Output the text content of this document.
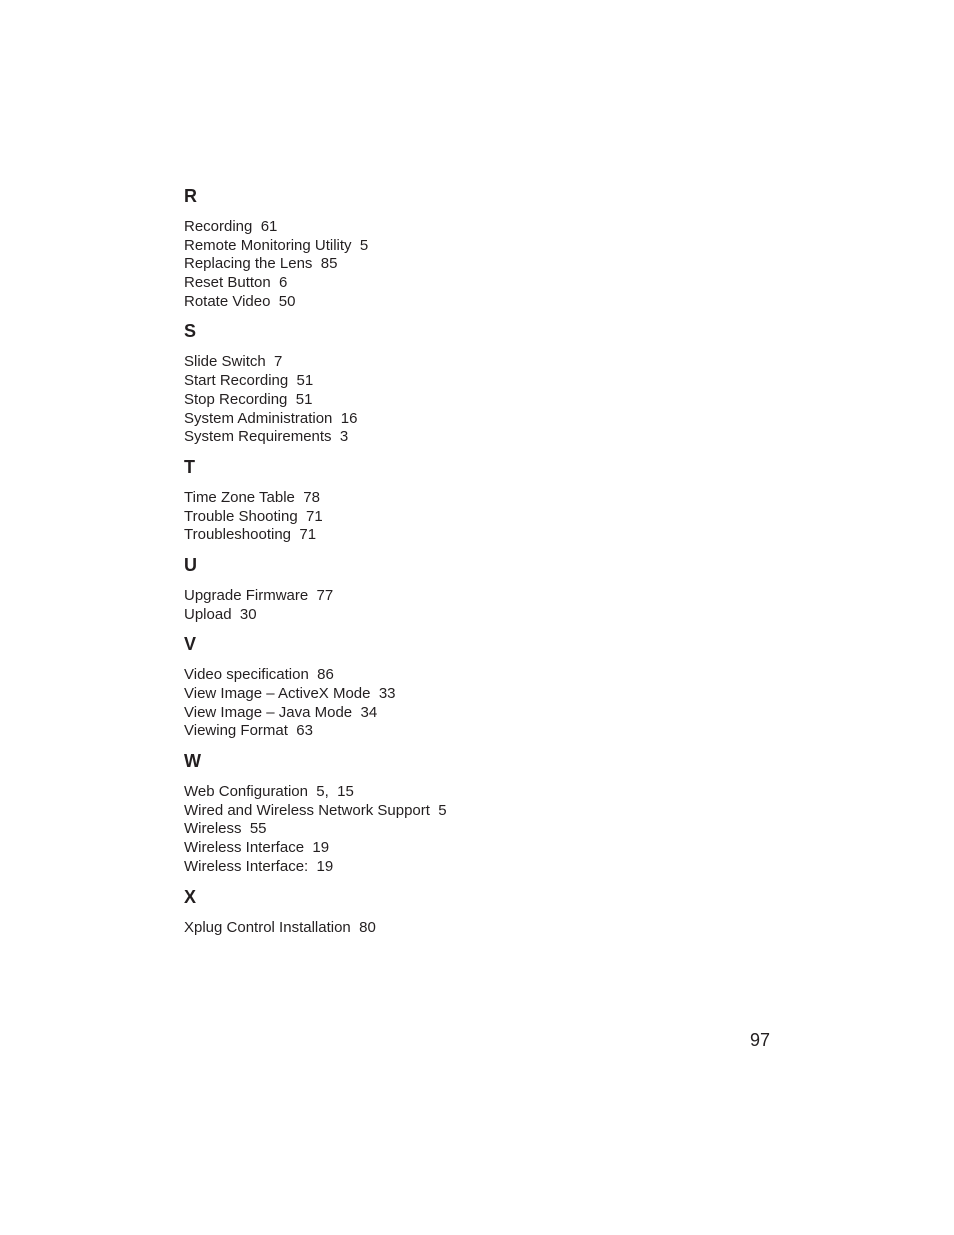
R
Recording  61
Remote Monitoring Utility  5
Replacing the Lens  85
Reset Button  6
Rotate Video  50
S
Slide Switch  7
Start Recording  51
Stop Recording  51
System Administration  16
System Requirements  3
T
Time Zone Table  78
Trouble Shooting  71
Troubleshooting  71
U
Upgrade Firmware  77
Upload  30
V
Video specification  86
View Image – ActiveX Mode  33
View Image – Java Mode  34
Viewing Format  63
W
Web Configuration  5,  15
Wired and Wireless Network Support  5
Wireless  55
Wireless Interface  19
Wireless Interface:  19
X
Xplug Control Installation  80
97
